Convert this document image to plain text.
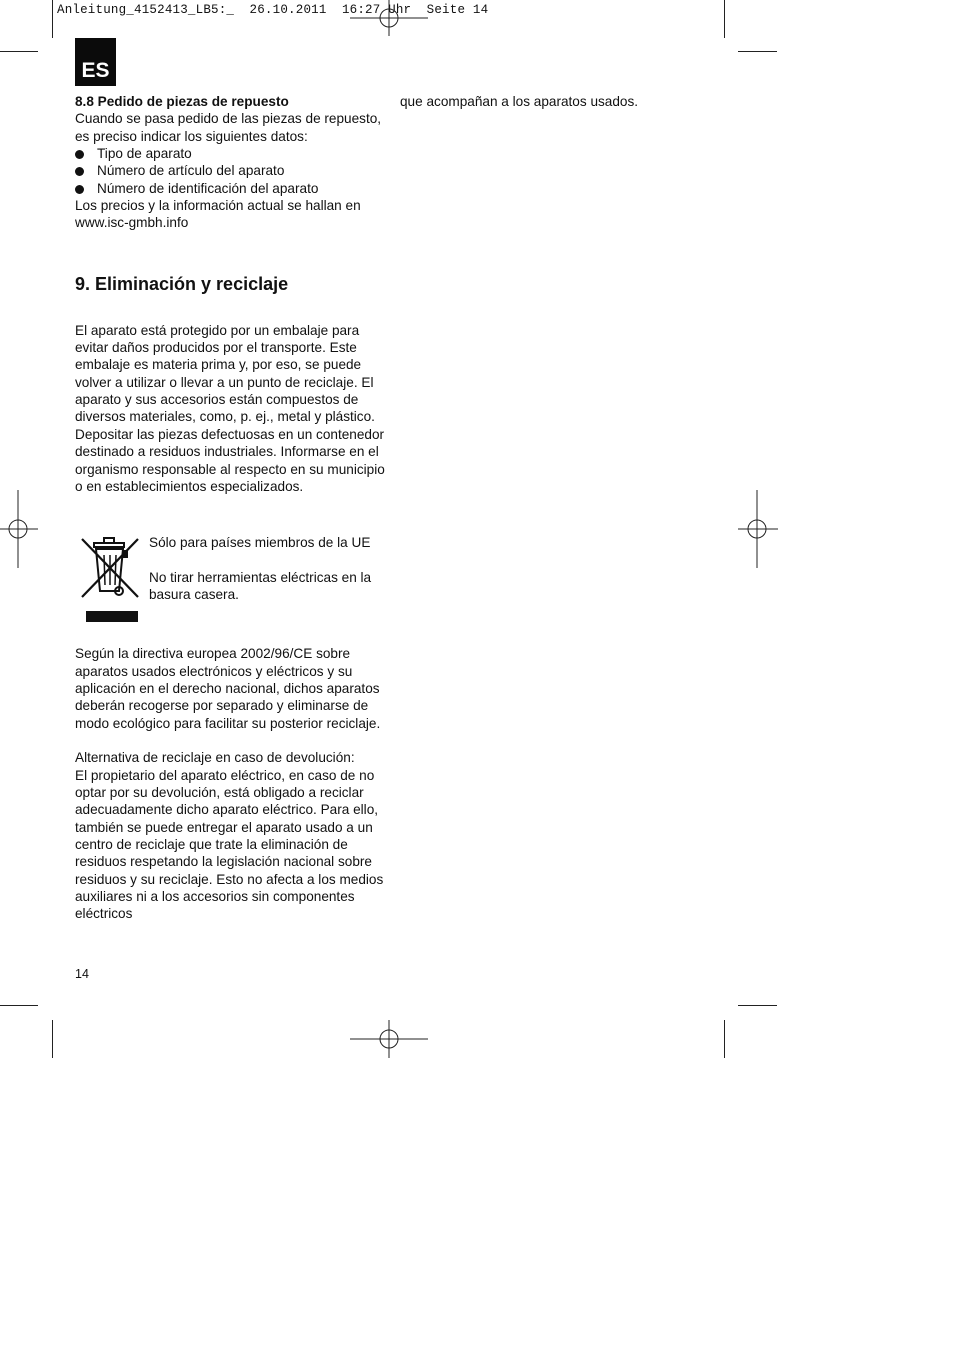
Anleitung_4152413_LB5:_  26.10.2011  16:27 Uhr  Seite 14
ES

8.8 Pedido de piezas de repuesto

Cuando se pasa pedido de las piezas de repuesto, es preciso indicar los siguientes datos:

Tipo de aparato
Número de artículo del aparato
Número de identificación del aparato

Los precios y la información actual se hallan en www.isc-gmbh.info

9. Eliminación y reciclaje

El aparato está protegido por un embalaje para evitar daños producidos por el transporte. Este embalaje es materia prima y, por eso, se puede volver a utilizar o llevar a un punto de reciclaje. El aparato y sus accesorios están compuestos de diversos materiales, como, p. ej., metal y plástico. Depositar las piezas defectuosas en un contenedor destinado a residuos industriales. Informarse en el organismo responsable al respecto en su municipio o en establecimientos especializados.

Sólo para países miembros de la UE

No tirar herramientas eléctricas en la basura casera.

Según la directiva europea 2002/96/CE sobre aparatos usados electrónicos y eléctricos y su aplicación en el derecho nacional, dichos aparatos deberán recogerse por separado y eliminarse de modo ecológico para facilitar su posterior reciclaje.

Alternativa de reciclaje en caso de devolución:

El propietario del aparato eléctrico, en caso de no optar por su devolución, está obligado a reciclar adecuadamente dicho aparato eléctrico. Para ello, también se puede entregar el aparato usado a un centro de reciclaje que trate la eliminación de residuos respetando la legislación nacional sobre residuos y su reciclaje. Esto no afecta a los medios auxiliares ni a los accesorios sin componentes eléctricos

que acompañan a los aparatos usados.

14
